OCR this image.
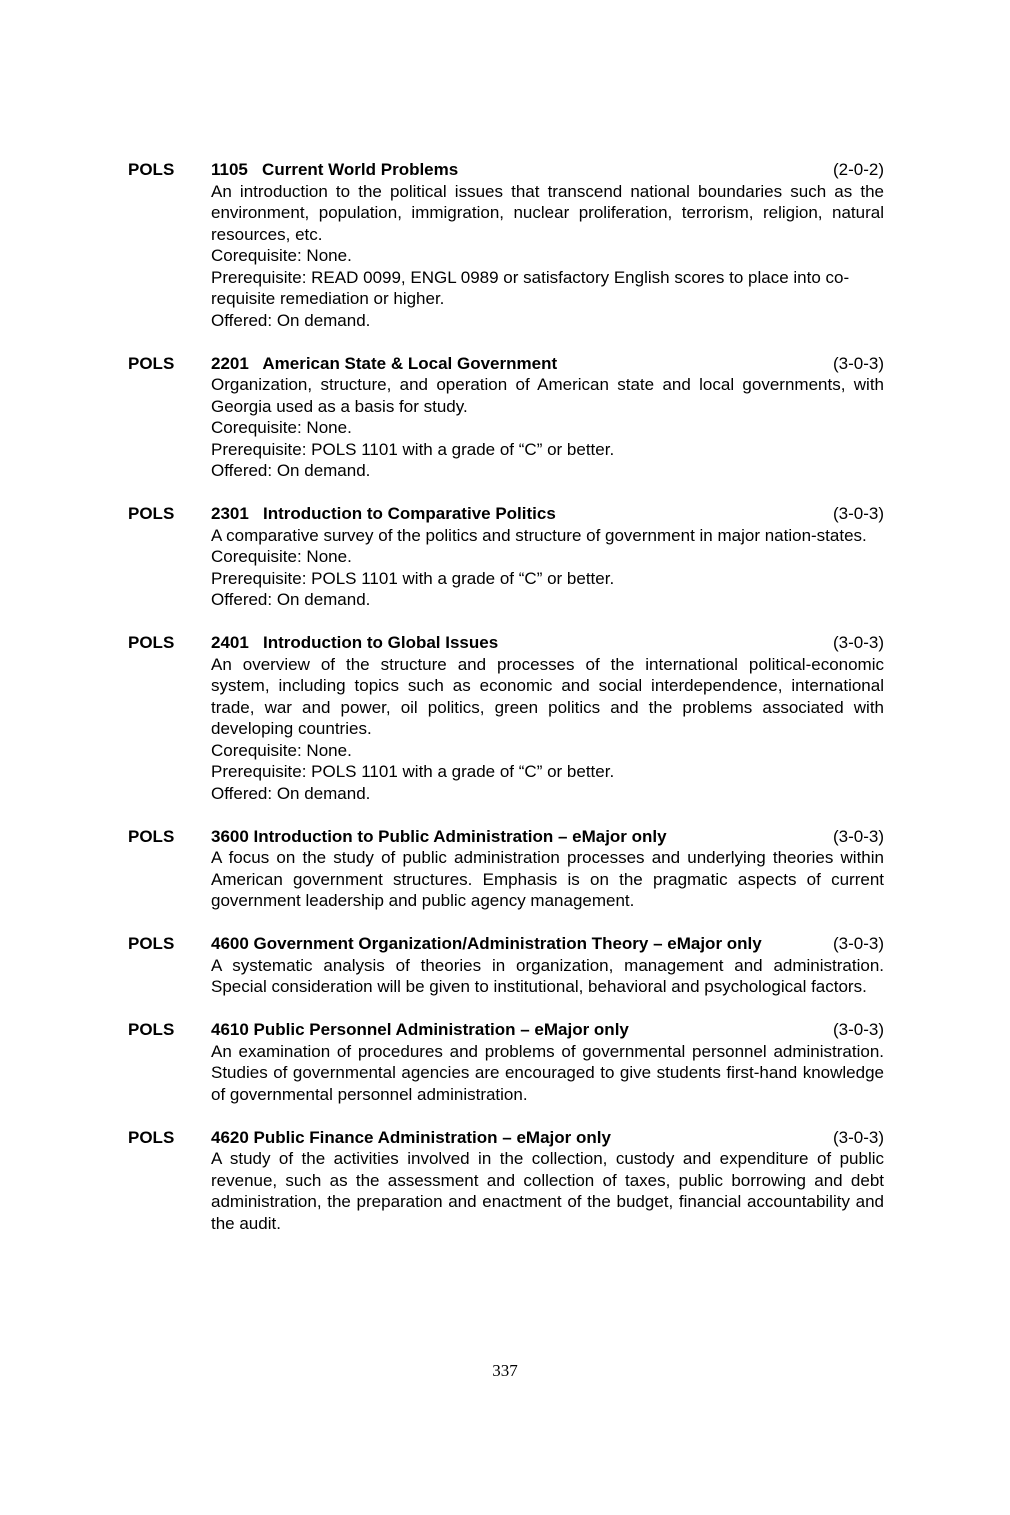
POLS 1105   Current World Problems	(2-0-2)
An introduction to the political issues that transcend national boundaries such as the environment, population, immigration, nuclear proliferation, terrorism, religion, natural resources, etc.
Corequisite: None.
Prerequisite: READ 0099, ENGL 0989 or satisfactory English scores to place into co-requisite remediation or higher.
Offered: On demand.
POLS 2201   American State & Local Government	(3-0-3)
Organization, structure, and operation of American state and local governments, with Georgia used as a basis for study.
Corequisite: None.
Prerequisite: POLS 1101 with a grade of “C” or better.
Offered: On demand.
POLS 2301   Introduction to Comparative Politics	(3-0-3)
A comparative survey of the politics and structure of government in major nation-states.
Corequisite: None.
Prerequisite: POLS 1101 with a grade of “C” or better.
Offered: On demand.
POLS 2401   Introduction to Global Issues	(3-0-3)
An overview of the structure and processes of the international political-economic system, including topics such as economic and social interdependence, international trade, war and power, oil politics, green politics and the problems associated with developing countries.
Corequisite: None.
Prerequisite: POLS 1101 with a grade of “C” or better.
Offered: On demand.
POLS 3600 Introduction to Public Administration – eMajor only	(3-0-3)
A focus on the study of public administration processes and underlying theories within American government structures. Emphasis is on the pragmatic aspects of current government leadership and public agency management.
POLS 4600 Government Organization/Administration Theory – eMajor only	(3-0-3)
A systematic analysis of theories in organization, management and administration. Special consideration will be given to institutional, behavioral and psychological factors.
POLS 4610 Public Personnel Administration – eMajor only	(3-0-3)
An examination of procedures and problems of governmental personnel administration. Studies of governmental agencies are encouraged to give students first-hand knowledge of governmental personnel administration.
POLS 4620 Public Finance Administration – eMajor only	(3-0-3)
A study of the activities involved in the collection, custody and expenditure of public revenue, such as the assessment and collection of taxes, public borrowing and debt administration, the preparation and enactment of the budget, financial accountability and the audit.
337
